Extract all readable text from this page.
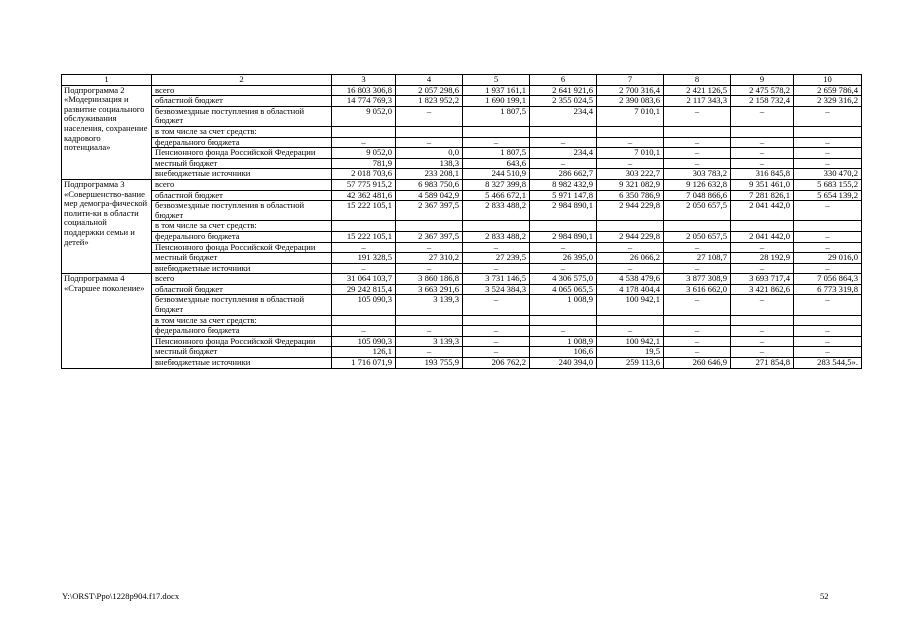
1	2	3	4	5	6	7	8	9	10
Подпрограмма 2 «Модернизация и развитие социального обслуживания населения, сохранение кадрового потенциала»	всего	16 803 306,8	2 057 298,6	1 937 161,1	2 641 921,6	2 700 316,4	2 421 126,5	2 475 578,2	2 659 786,4
	областной бюджет	14 774 769,3	1 823 952,2	1 690 199,1	2 355 024,5	2 390 083,6	2 117 343,3	2 158 732,4	2 329 316,2
	безвозмездные поступления в областной бюджет	9 052,0	–	1 807,5	234,4	7 010,1	–	–	–
	в том числе за счет средств:								
	федерального бюджета	–	–	–	–	–	–	–	–
	Пенсионного фонда Российской Федерации	9 052,0	0,0	1 807,5	234,4	7 010,1	–	–	–
	местный бюджет	781,9	138,3	643,6	–	–	–	–	–
	внебюджетные источники	2 018 703,6	233 208,1	244 510,9	286 662,7	303 222,7	303 783,2	316 845,8	330 470,2
Подпрограмма 3 «Совершенство-вание мер демогра-фической полити-ки в области социальной поддержки семьи и детей»	всего	57 775 915,2	6 983 750,6	8 327 399,8	8 982 432,9	9 321 082,9	9 126 632,8	9 351 461,0	5 683 155,2
	областной бюджет	42 362 481,6	4 589 042,9	5 466 672,1	5 971 147,8	6 350 786,9	7 048 866,6	7 281 826,1	5 654 139,2
	безвозмездные поступления в областной бюджет	15 222 105,1	2 367 397,5	2 833 488,2	2 984 890,1	2 944 229,8	2 050 657,5	2 041 442,0	–
	в том числе за счет средств:								
	федерального бюджета	15 222 105,1	2 367 397,5	2 833 488,2	2 984 890,1	2 944 229,8	2 050 657,5	2 041 442,0	–
	Пенсионного фонда Российской Федерации	–	–	–	–	–	–	–	–
	местный бюджет	191 328,5	27 310,2	27 239,5	26 395,0	26 066,2	27 108,7	28 192,9	29 016,0
	внебюджетные источники	–	–	–	–	–	–	–	–
Подпрограмма 4 «Старшее поколение»	всего	31 064 103,7	3 860 186,8	3 731 146,5	4 306 575,0	4 538 479,6	3 877 308,9	3 693 717,4	7 056 864,3
	областной бюджет	29 242 815,4	3 663 291,6	3 524 384,3	4 065 065,5	4 178 404,4	3 616 662,0	3 421 862,6	6 773 319,8
	безвозмездные поступления в областной бюджет	105 090,3	3 139,3	–	1 008,9	100 942,1	–	–	–
	в том числе за счет средств:								
	федерального бюджета	–	–	–	–	–	–	–	–
	Пенсионного фонда Российской Федерации	105 090,3	3 139,3	–	1 008,9	100 942,1	–	–	–
	местный бюджет	126,1	–	–	106,6	19,5	–	–	–
	внебюджетные источники	1 716 071,9	193 755,9	206 762,2	240 394,0	259 113,6	260 646,9	271 854,8	283 544,5».
Y:\ORST\Ppo\1228p904.f17.docx	52
